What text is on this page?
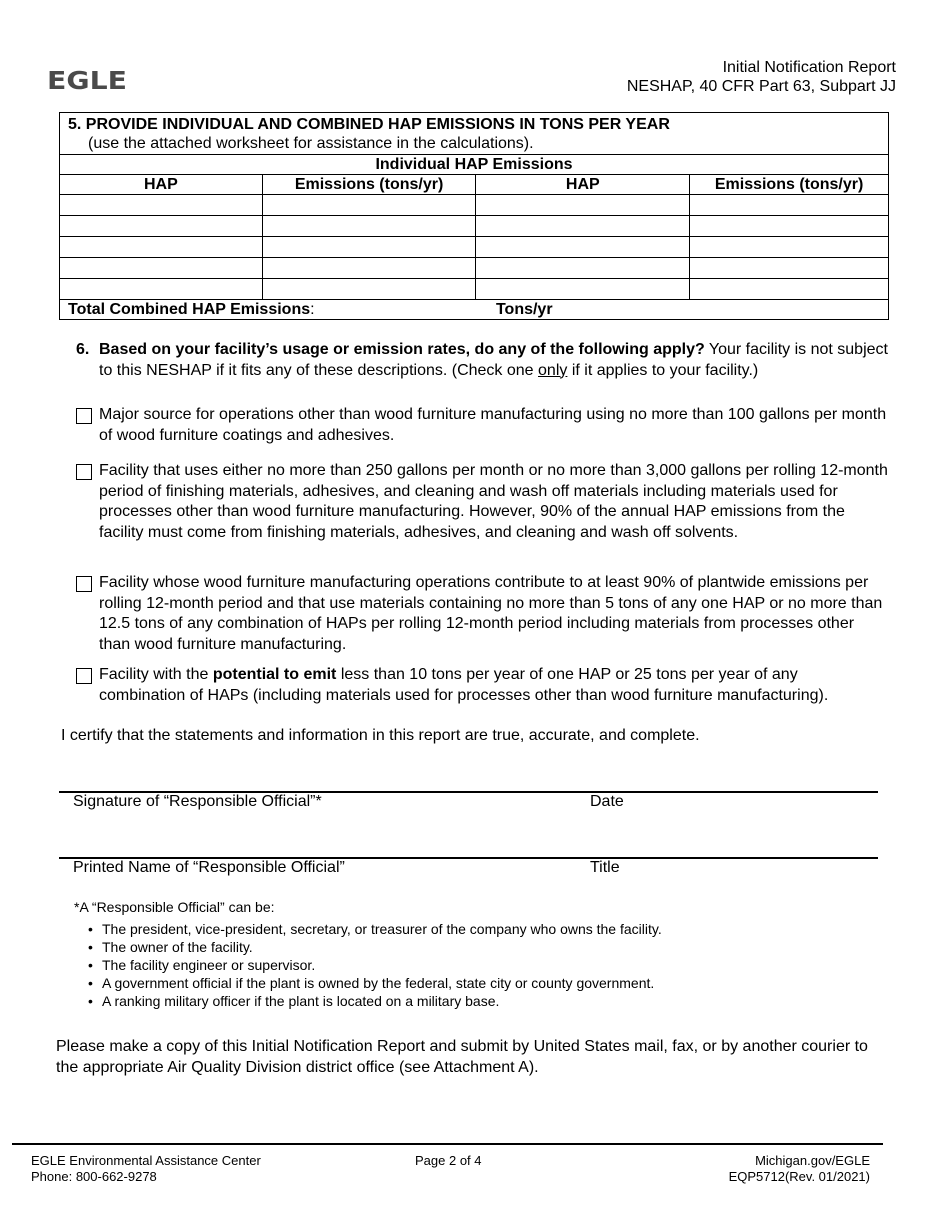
EGLE	Initial Notification Report
NESHAP, 40 CFR Part 63, Subpart JJ
5. PROVIDE INDIVIDUAL AND COMBINED HAP EMISSIONS IN TONS PER YEAR
(use the attached worksheet for assistance in the calculations).			

Individual HAP Emissions			
HAP	Emissions (tons/yr)	HAP	Emissions (tons/yr)

Total Combined HAP Emissions:		Tons/yr	
6. Based on your facility’s usage or emission rates, do any of the following apply? Your facility is not subject to this NESHAP if it fits any of these descriptions. (Check one only if it applies to your facility.)
Major source for operations other than wood furniture manufacturing using no more than 100 gallons per month of wood furniture coatings and adhesives.
Facility that uses either no more than 250 gallons per month or no more than 3,000 gallons per rolling 12-month period of finishing materials, adhesives, and cleaning and wash off materials including materials used for processes other than wood furniture manufacturing. However, 90% of the annual HAP emissions from the facility must come from finishing materials, adhesives, and cleaning and wash off solvents.
Facility whose wood furniture manufacturing operations contribute to at least 90% of plantwide emissions per rolling 12-month period and that use materials containing no more than 5 tons of any one HAP or no more than 12.5 tons of any combination of HAPs per rolling 12-month period including materials from processes other than wood furniture manufacturing.
Facility with the potential to emit less than 10 tons per year of one HAP or 25 tons per year of any combination of HAPs (including materials used for processes other than wood furniture manufacturing).
I certify that the statements and information in this report are true, accurate, and complete.
Signature of “Responsible Official”*	Date
Printed Name of “Responsible Official”	Title
*A “Responsible Official” can be:
• The president, vice-president, secretary, or treasurer of the company who owns the facility.
• The owner of the facility.
• The facility engineer or supervisor.
• A government official if the plant is owned by the federal, state city or county government.
• A ranking military officer if the plant is located on a military base.
Please make a copy of this Initial Notification Report and submit by United States mail, fax, or by another courier to the appropriate Air Quality Division district office (see Attachment A).
EGLE Environmental Assistance Center
Phone: 800-662-9278
Page 2 of 4	Michigan.gov/EGLE
EQP5712(Rev. 01/2021)
